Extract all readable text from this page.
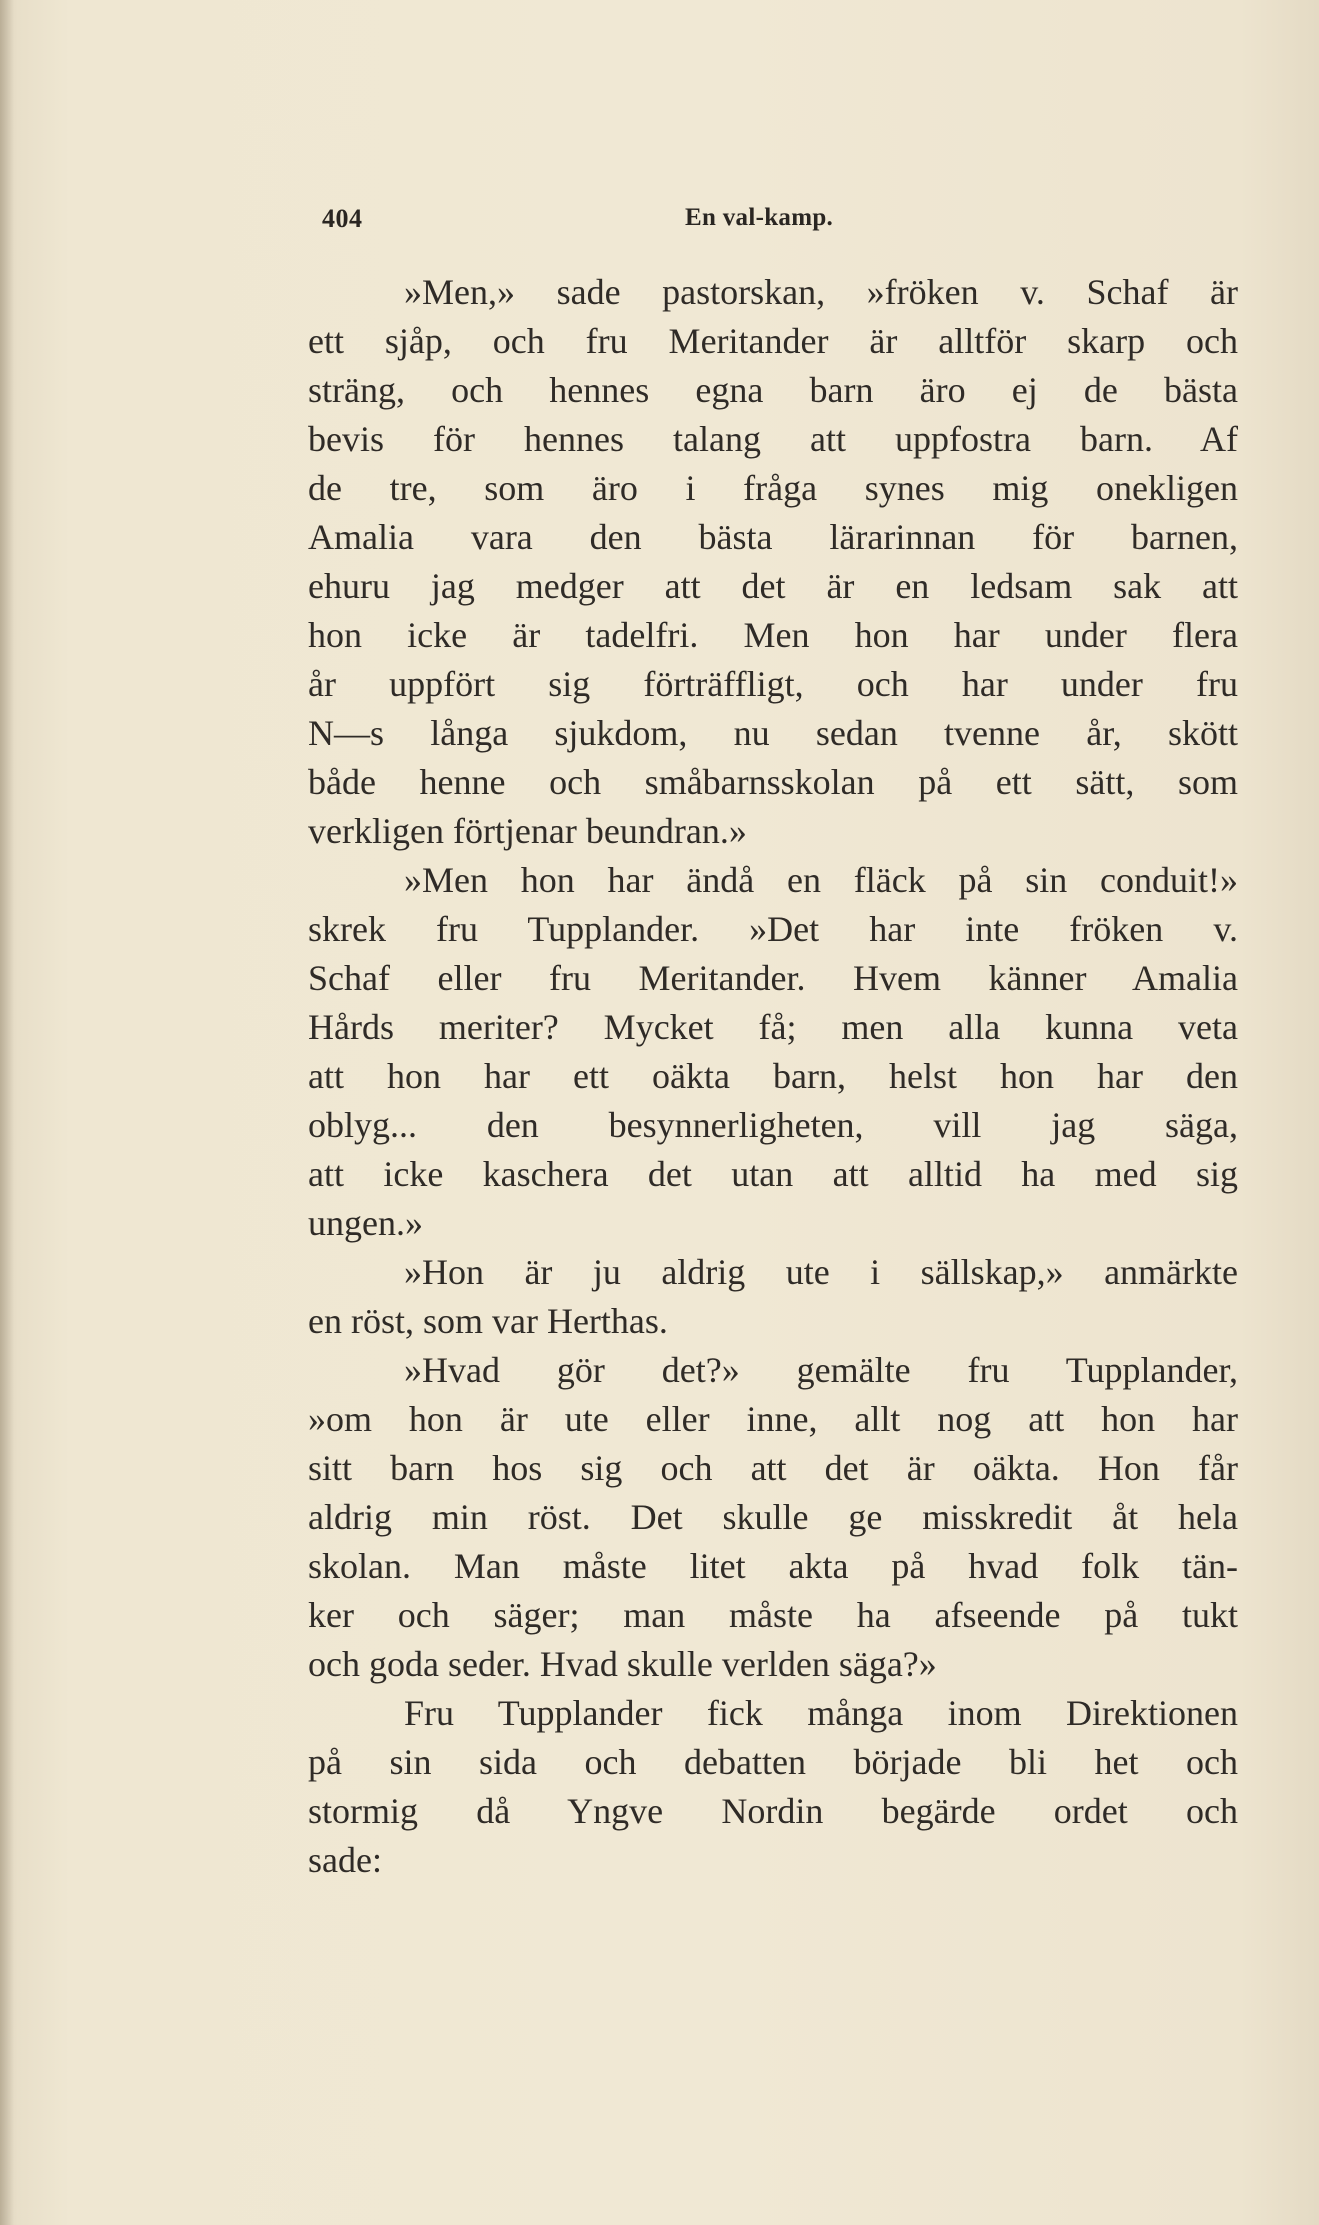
404	En val-kamp.
»Men,» sade pastorskan, »fröken v. Schaf är
ett sjåp, och fru Meritander är alltför skarp och
sträng, och hennes egna barn äro ej de bästa
bevis för hennes talang att uppfostra barn. Af
de tre, som äro i fråga synes mig onekligen
Amalia vara den bästa lärarinnan för barnen,
ehuru jag medger att det är en ledsam sak att
hon icke är tadelfri. Men hon har under flera
år uppfört sig förträffligt, och har under fru
N—s långa sjukdom, nu sedan tvenne år, skött
både henne och småbarnsskolan på ett sätt, som
verkligen förtjenar beundran.»
»Men hon har ändå en fläck på sin conduit!»
skrek fru Tupplander. »Det har inte fröken v.
Schaf eller fru Meritander. Hvem känner Amalia
Hårds meriter? Mycket få; men alla kunna veta
att hon har ett oäkta barn, helst hon har den
oblyg... den besynnerligheten, vill jag säga,
att icke kaschera det utan att alltid ha med sig
ungen.»
»Hon är ju aldrig ute i sällskap,» anmärkte
en röst, som var Herthas.
»Hvad gör det?» gemälte fru Tupplander,
»om hon är ute eller inne, allt nog att hon har
sitt barn hos sig och att det är oäkta. Hon får
aldrig min röst. Det skulle ge misskredit åt hela
skolan. Man måste litet akta på hvad folk tän-
ker och säger; man måste ha afseende på tukt
och goda seder. Hvad skulle verlden säga?»
Fru Tupplander fick många inom Direktionen
på sin sida och debatten började bli het och
stormig då Yngve Nordin begärde ordet och
sade:
